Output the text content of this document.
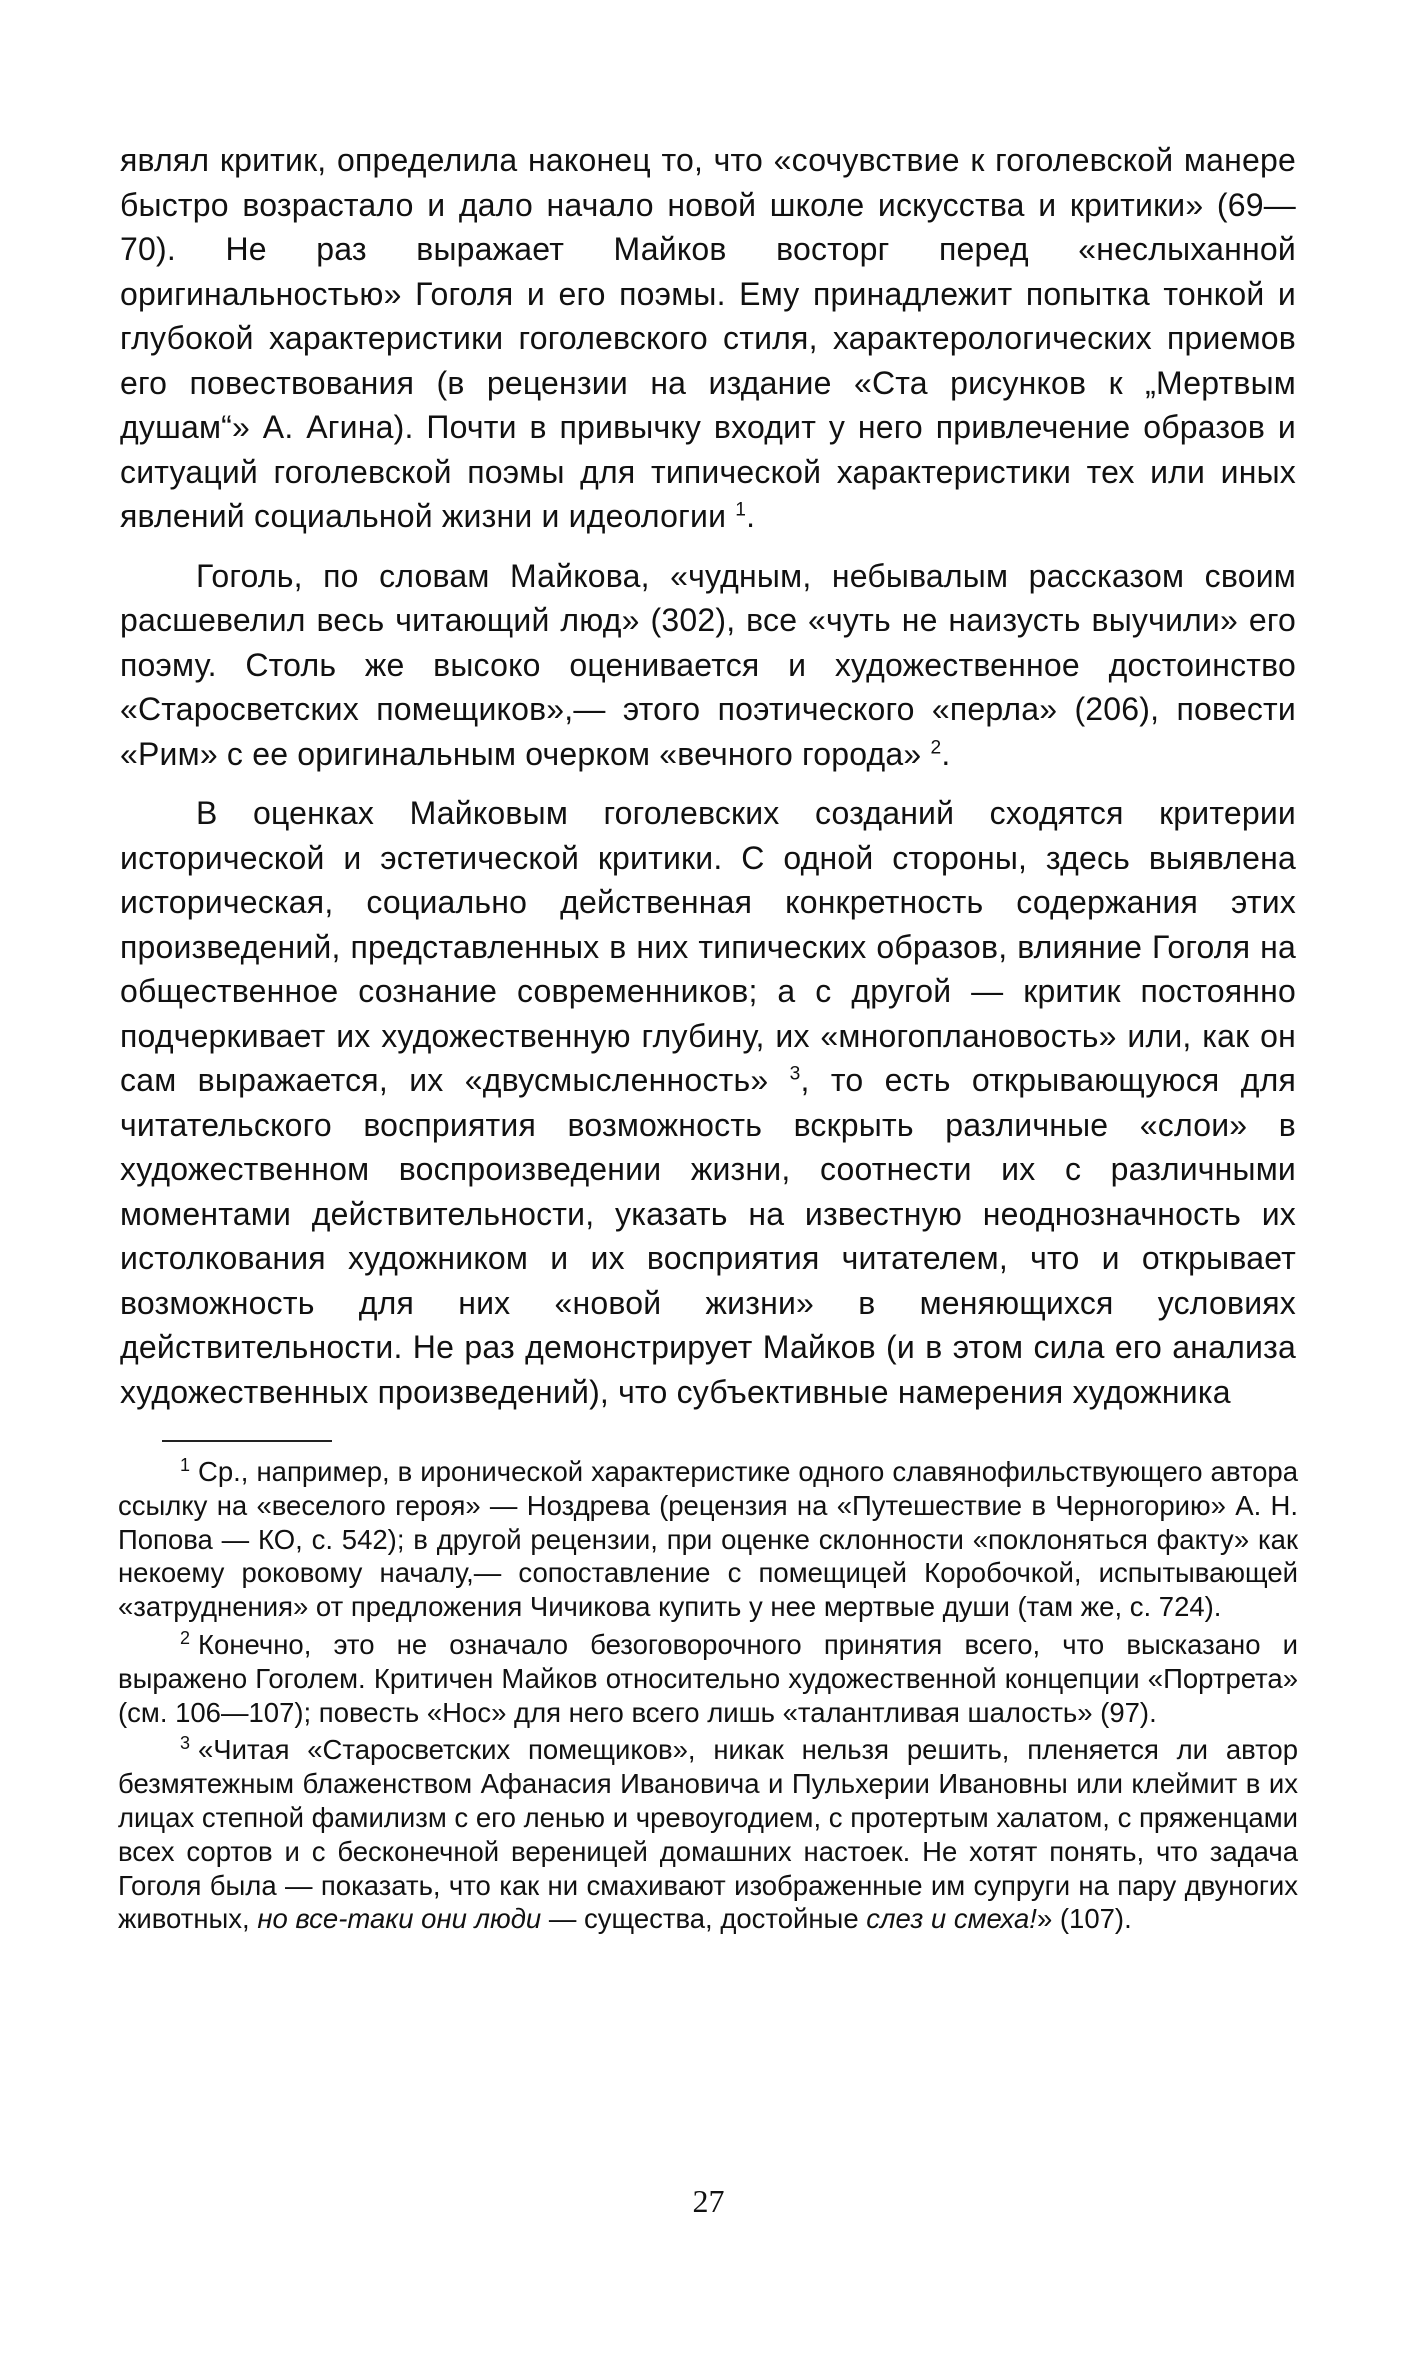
являл критик, определила наконец то, что «сочувствие к гоголевской манере быстро возрастало и дало начало новой школе искусства и критики» (69—70). Не раз выражает Майков восторг перед «неслыханной оригинальностью» Гоголя и его поэмы. Ему принадлежит попытка тонкой и глубокой характеристики гоголевского стиля, характерологических приемов его повествования (в рецензии на издание «Ста рисунков к „Мертвым душам“» А. Агина). Почти в привычку входит у него привлечение образов и ситуаций гоголевской поэмы для типической характеристики тех или иных явлений социальной жизни и идеологии $^1$.

Гоголь, по словам Майкова, «чудным, небывалым рассказом своим расшевелил весь читающий люд» (302), все «чуть не наизусть выучили» его поэму. Столь же высоко оценивается и художественное достоинство «Старосветских помещиков»,— этого поэтического «перла» (206), повести «Рим» с ее оригинальным очерком «вечного города» $^2$.

В оценках Майковым гоголевских созданий сходятся критерии исторической и эстетической критики. С одной стороны, здесь выявлена историческая, социально действенная конкретность содержания этих произведений, представленных в них типических образов, влияние Гоголя на общественное сознание современников; а с другой — критик постоянно подчеркивает их художественную глубину, их «многоплановость» или, как он сам выражается, их «двусмысленность» $^3$, то есть открывающуюся для читательского восприятия возможность вскрыть различные «слои» в художественном воспроизведении жизни, соотнести их с различными моментами действительности, указать на известную неоднозначность их истолкования художником и их восприятия читателем, что и открывает возможность для них «новой жизни» в меняющихся условиях действительности. Не раз демонстрирует Майков (и в этом сила его анализа художественных произведений), что субъективные намерения художника

$^1$ Ср., например, в иронической характеристике одного славянофильствующего автора ссылку на «веселого героя» — Ноздрева (рецензия на «Путешествие в Черногорию» А. Н. Попова — КО, с. 542); в другой рецензии, при оценке склонности «поклоняться факту» как некоему роковому началу,— сопоставление с помещицей Коробочкой, испытывающей «затруднения» от предложения Чичикова купить у нее мертвые души (там же, с. 724).

$^2$ Конечно, это не означало безоговорочного принятия всего, что высказано и выражено Гоголем. Критичен Майков относительно художественной концепции «Портрета» (см. 106—107); повесть «Нос» для него всего лишь «талантливая шалость» (97).

$^3$ «Читая «Старосветских помещиков», никак нельзя решить, пленяется ли автор безмятежным блаженством Афанасия Ивановича и Пульхерии Ивановны или клеймит в их лицах степной фамилизм с его ленью и чревоугодием, с протертым халатом, с пряженцами всех сортов и с бесконечной вереницей домашних настоек. Не хотят понять, что задача Гоголя была — показать, что как ни смахивают изображенные им супруги на пару двуногих животных, но все-таки они люди — существа, достойные слез и смеха!» (107).

27
